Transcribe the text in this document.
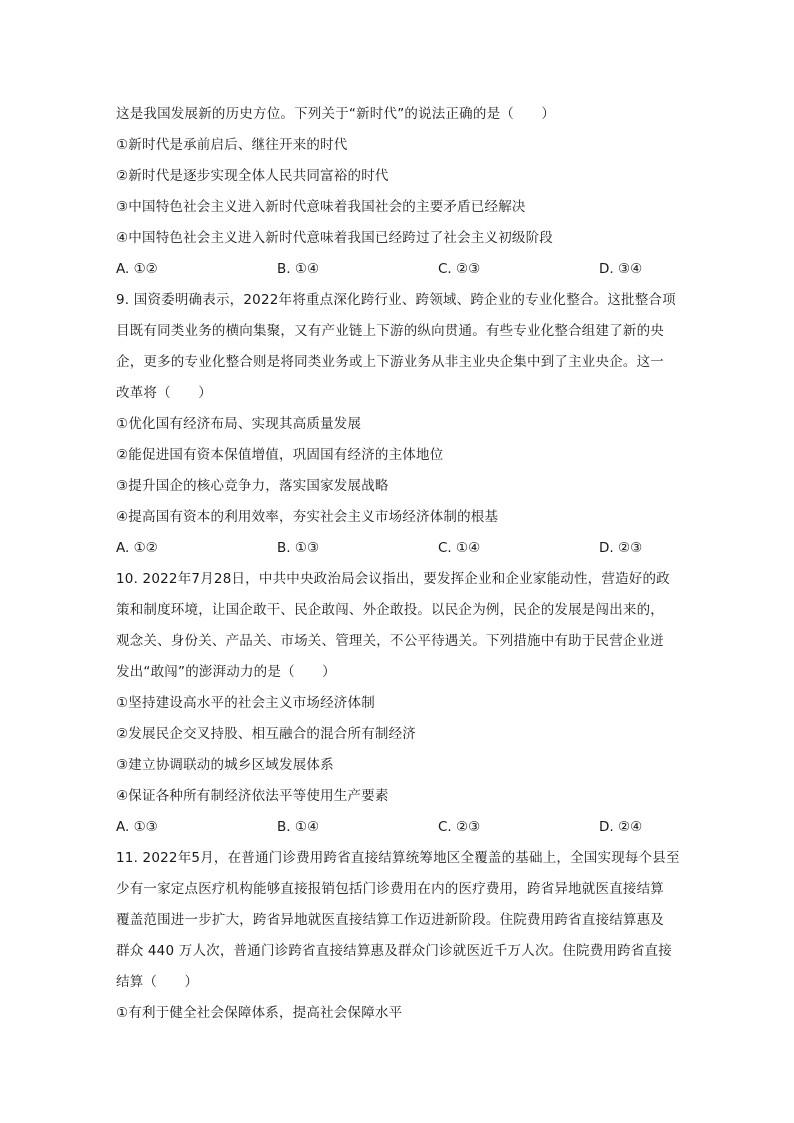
这是我国发展新的历史方位。下列关于“新时代”的说法正确的是（　　）
①新时代是承前启后、继往开来的时代
②新时代是逐步实现全体人民共同富裕的时代
③中国特色社会主义进入新时代意味着我国社会的主要矛盾已经解决
④中国特色社会主义进入新时代意味着我国已经跨过了社会主义初级阶段
A. ①②	B. ①④	C. ②③	D. ③④
9. 国资委明确表示，2022年将重点深化跨行业、跨领域、跨企业的专业化整合。这批整合项
目既有同类业务的横向集聚，又有产业链上下游的纵向贯通。有些专业化整合组建了新的央
企，更多的专业化整合则是将同类业务或上下游业务从非主业央企集中到了主业央企。这一
改革将（　　）
①优化国有经济布局、实现其高质量发展
②能促进国有资本保值增值，巩固国有经济的主体地位
③提升国企的核心竞争力，落实国家发展战略
④提高国有资本的利用效率，夯实社会主义市场经济体制的根基
A. ①②	B. ①③	C. ①④	D. ②③
10. 2022年7月28日，中共中央政治局会议指出，要发挥企业和企业家能动性，营造好的政
策和制度环境，让国企敢干、民企敢闯、外企敢投。以民企为例，民企的发展是闯出来的，
观念关、身份关、产品关、市场关、管理关，不公平待遇关。下列措施中有助于民营企业迸
发出“敢闯”的澎湃动力的是（　　）
①坚持建设高水平的社会主义市场经济体制
②发展民企交叉持股、相互融合的混合所有制经济
③建立协调联动的城乡区域发展体系
④保证各种所有制经济依法平等使用生产要素
A. ①③	B. ①④	C. ②③	D. ②④
11. 2022年5月，在普通门诊费用跨省直接结算统筹地区全覆盖的基础上，全国实现每个县至
少有一家定点医疗机构能够直接报销包括门诊费用在内的医疗费用，跨省异地就医直接结算
覆盖范围进一步扩大，跨省异地就医直接结算工作迈进新阶段。住院费用跨省直接结算惠及
群众 440 万人次，普通门诊跨省直接结算惠及群众门诊就医近千万人次。住院费用跨省直接
结算（　　）
①有利于健全社会保障体系，提高社会保障水平
